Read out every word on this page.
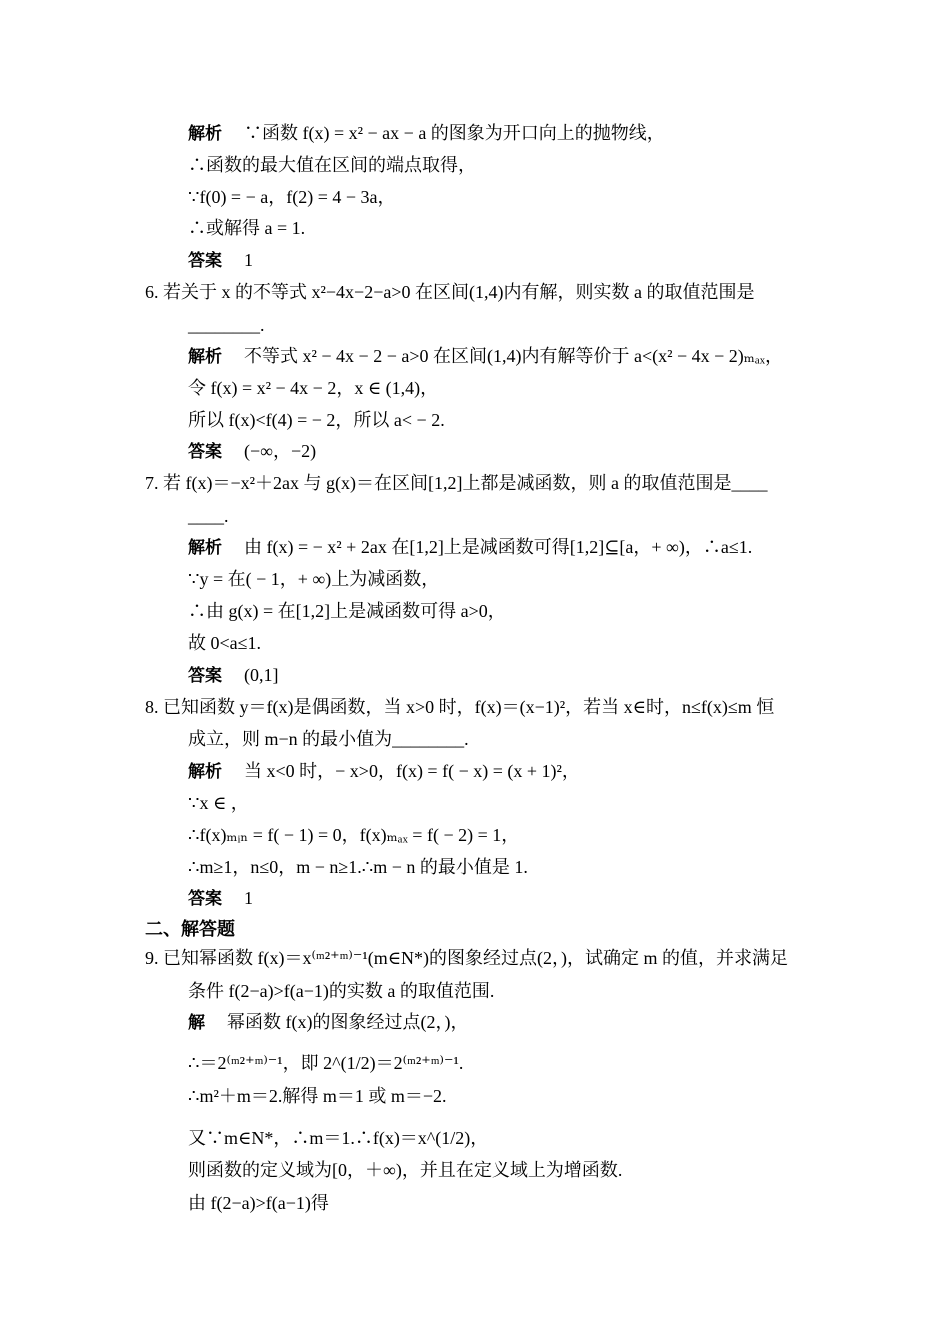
解析 ∵函数 f(x) = x² − ax − a 的图象为开口向上的抛物线，
∴函数的最大值在区间的端点取得，
∵f(0) = − a，f(2) = 4 − 3a，
∴或解得 a = 1.
答案 1
6. 若关于 x 的不等式 x²−4x−2−a>0 在区间(1,4)内有解，则实数 a 的取值范围是
________.
解析 不等式 x² − 4x − 2 − a>0 在区间(1,4)内有解等价于 a<(x² − 4x − 2)ₘₐₓ，
令 f(x) = x² − 4x − 2，x ∈ (1,4)，
所以 f(x)<f(4) = − 2，所以 a< − 2.
答案 (−∞，−2)
7. 若 f(x)＝−x²＋2ax 与 g(x)＝在区间[1,2]上都是减函数，则 a 的取值范围是____
____.
解析 由 f(x) = − x² + 2ax 在[1,2]上是减函数可得[1,2]⊆[a，+ ∞)，∴a≤1.
∵y = 在( − 1，+ ∞)上为减函数，
∴由 g(x) = 在[1,2]上是减函数可得 a>0，
故 0<a≤1.
答案 (0,1]
8. 已知函数 y＝f(x)是偶函数，当 x>0 时，f(x)＝(x−1)²，若当 x∈时，n≤f(x)≤m 恒
成立，则 m−n 的最小值为________.
解析 当 x<0 时，− x>0，f(x) = f( − x) = (x + 1)²，
∵x ∈ ，
∴f(x)ₘᵢₙ = f( − 1) = 0，f(x)ₘₐₓ = f( − 2) = 1，
∴m≥1，n≤0，m − n≥1.∴m − n 的最小值是 1.
答案 1
二、解答题
9. 已知幂函数 f(x)＝x⁽ᵐ²⁺ᵐ⁾⁻¹(m∈N*)的图象经过点(2，)，试确定 m 的值，并求满足
条件 f(2−a)>f(a−1)的实数 a 的取值范围.
解 幂函数 f(x)的图象经过点(2，)，
∴＝2⁽ᵐ²⁺ᵐ⁾⁻¹，即 2^(1/2)＝2⁽ᵐ²⁺ᵐ⁾⁻¹.
∴m²＋m＝2.解得 m＝1 或 m＝−2.
又∵m∈N*，∴m＝1.∴f(x)＝x^(1/2)，
则函数的定义域为[0，＋∞)，并且在定义域上为增函数.
由 f(2−a)>f(a−1)得
